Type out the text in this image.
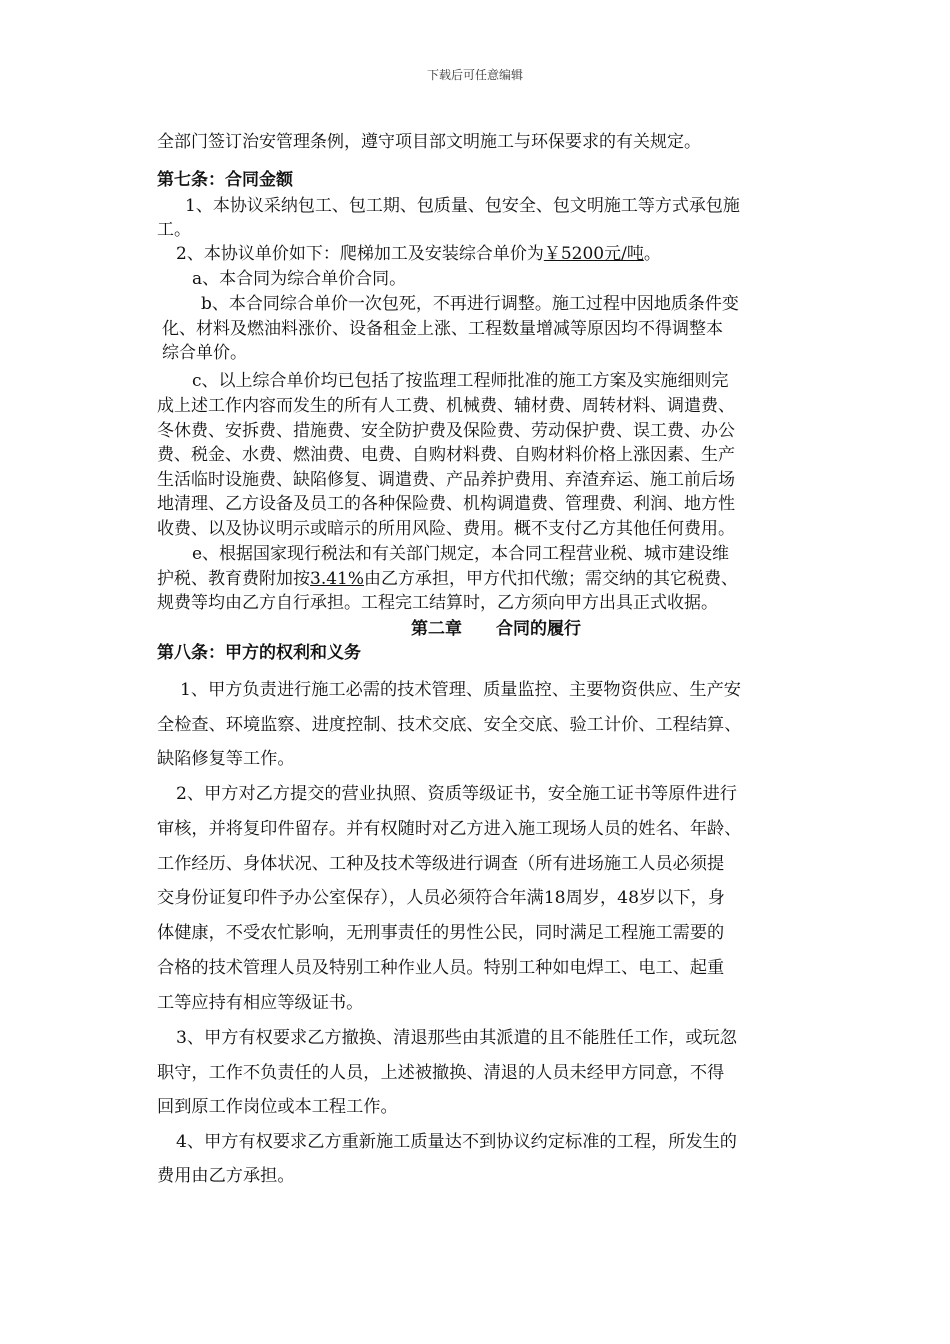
下载后可任意编辑
全部门签订治安管理条例，遵守项目部文明施工与环保要求的有关规定。
第七条：合同金额
1、本协议采纳包工、包工期、包质量、包安全、包文明施工等方式承包施
工。
2、本协议单价如下：爬梯加工及安装综合单价为￥5200元/吨。
a、本合同为综合单价合同。
b、本合同综合单价一次包死，不再进行调整。施工过程中因地质条件变
化、材料及燃油料涨价、设备租金上涨、工程数量增减等原因均不得调整本
综合单价。
c、以上综合单价均已包括了按监理工程师批准的施工方案及实施细则完
成上述工作内容而发生的所有人工费、机械费、辅材费、周转材料、调遣费、
冬休费、安拆费、措施费、安全防护费及保险费、劳动保护费、误工费、办公
费、税金、水费、燃油费、电费、自购材料费、自购材料价格上涨因素、生产
生活临时设施费、缺陷修复、调遣费、产品养护费用、弃渣弃运、施工前后场
地清理、乙方设备及员工的各种保险费、机构调遣费、管理费、利润、地方性
收费、以及协议明示或暗示的所用风险、费用。概不支付乙方其他任何费用。
e、根据国家现行税法和有关部门规定，本合同工程营业税、城市建设维
护税、教育费附加按3.41%由乙方承担，甲方代扣代缴；需交纳的其它税费、
规费等均由乙方自行承担。工程完工结算时，乙方须向甲方出具正式收据。
第二章　　合同的履行
第八条：甲方的权利和义务
1、甲方负责进行施工必需的技术管理、质量监控、主要物资供应、生产安
全检查、环境监察、进度控制、技术交底、安全交底、验工计价、工程结算、
缺陷修复等工作。
2、甲方对乙方提交的营业执照、资质等级证书，安全施工证书等原件进行
审核，并将复印件留存。并有权随时对乙方进入施工现场人员的姓名、年龄、
工作经历、身体状况、工种及技术等级进行调查（所有进场施工人员必须提
交身份证复印件予办公室保存），人员必须符合年满18周岁，48岁以下，身
体健康，不受农忙影响，无刑事责任的男性公民，同时满足工程施工需要的
合格的技术管理人员及特别工种作业人员。特别工种如电焊工、电工、起重
工等应持有相应等级证书。
3、甲方有权要求乙方撤换、清退那些由其派遣的且不能胜任工作，或玩忽
职守，工作不负责任的人员，上述被撤换、清退的人员未经甲方同意，不得
回到原工作岗位或本工程工作。
4、甲方有权要求乙方重新施工质量达不到协议约定标准的工程，所发生的
费用由乙方承担。
